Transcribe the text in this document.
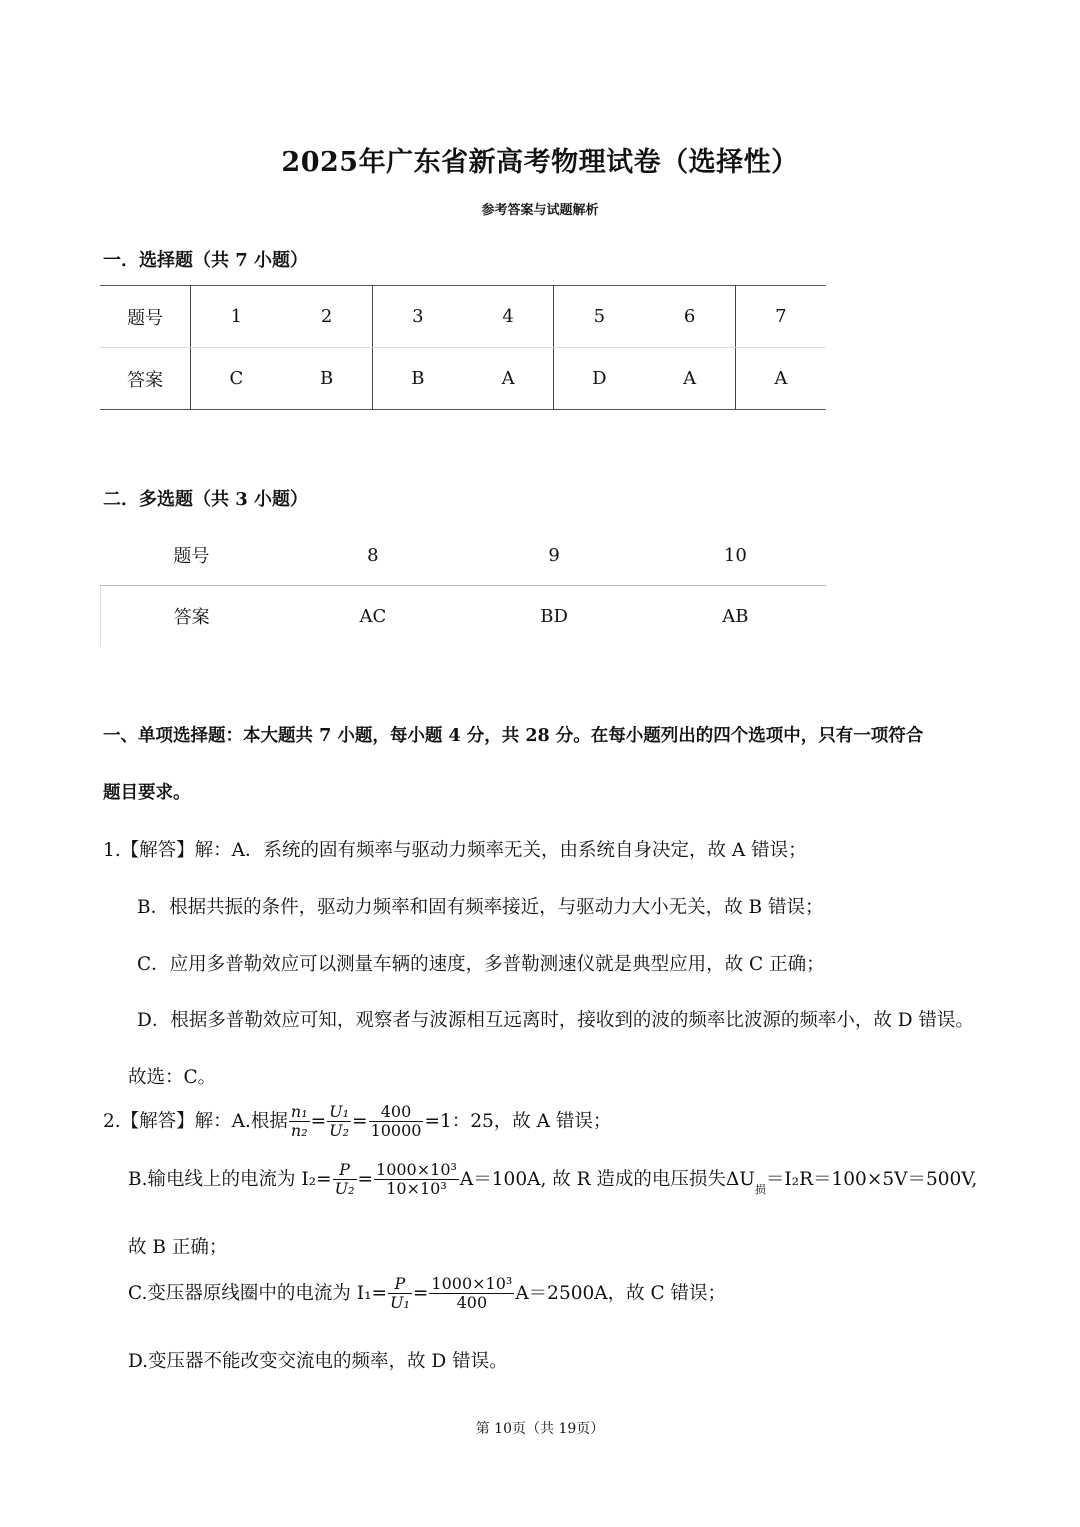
2025年广东省新高考物理试卷（选择性）
参考答案与试题解析
一．选择题（共 7 小题）
题号	1	2	3	4	5	6	7
答案	C	B	B	A	D	A	A
二．多选题（共 3 小题）
题号	8	9	10
答案	AC	BD	AB
一、单项选择题：本大题共 7 小题，每小题 4 分，共 28 分。在每小题列出的四个选项中，只有一项符合
题目要求。
1.【解答】解：A．系统的固有频率与驱动力频率无关，由系统自身决定，故 A 错误；
B．根据共振的条件，驱动力频率和固有频率接近，与驱动力大小无关，故 B 错误；
C．应用多普勒效应可以测量车辆的速度，多普勒测速仪就是典型应用，故 C 正确；
D．根据多普勒效应可知，观察者与波源相互远离时，接收到的波的频率比波源的频率小，故 D 错误。
故选：C。
2.【解答】解：A.根据 $\frac{\text{n₁}}{\text{n₂}} = \frac{\text{U₁}}{\text{U₂}} = \frac{400}{10000} =1$：25，故 A 错误；
B.输电线上的电流为 $I_2= \frac{P}{\text{U₂}} = \frac{\text{1000×10³}}{\text{10×10³}} A=100A$, 故 R 造成的电压损失$\Delta U_损=I_2R=100\times 5V=500V$,
故 B 正确；
C.变压器原线圈中的电流为 $I_1= \frac{P}{\text{U₁}} = \frac{\text{1000×10³}}{400} A=2500A$，故 C 错误；
D.变压器不能改变交流电的频率，故 D 错误。
第 10页（共 19页）
